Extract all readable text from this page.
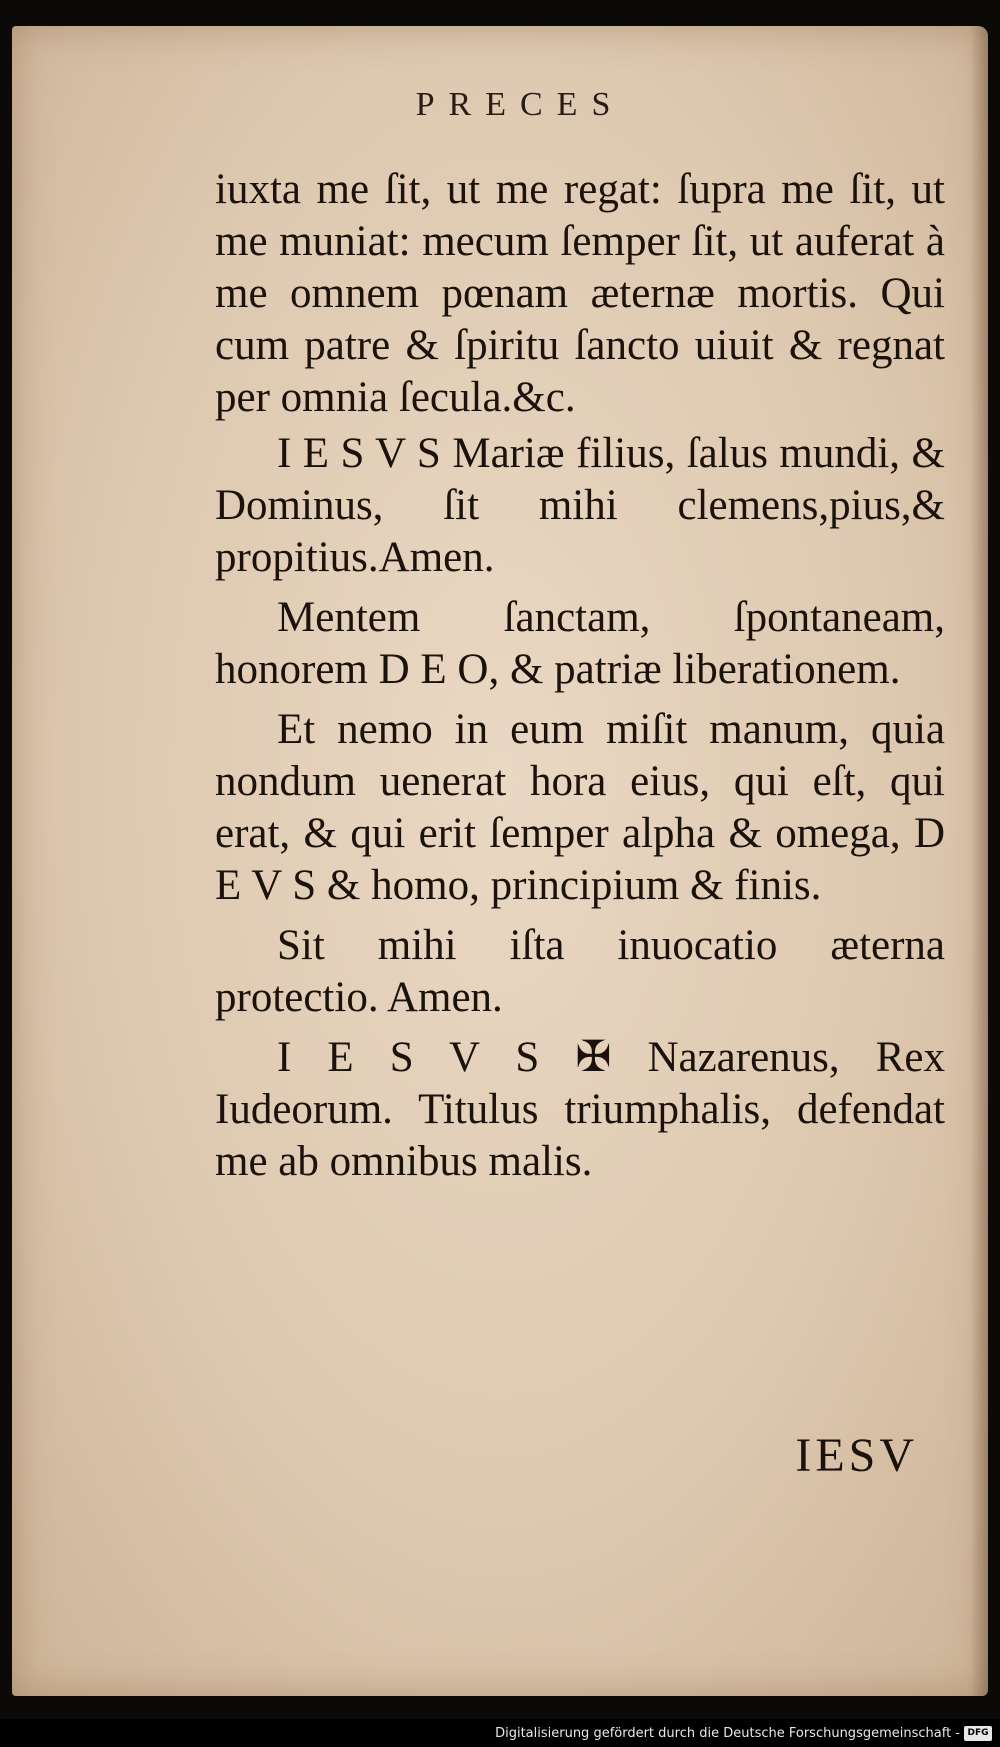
PRECES

iuxta me ſit, ut me regat: ſupra me ſit, ut me muniat: mecum ſemper ſit, ut auferat à me omnem pœnam æternæ mortis. Qui cum patre & ſpiritu ſancto uiuit & regnat per omnia ſecula.&c.

I E S V S Mariæ filius, ſalus mundi, & Dominus, ſit mihi clemens,pius,& propitius.Amen.

Mentem ſanctam, ſpontaneam, honorem D E O, & patriæ liberationem.

Et nemo in eum miſit manum, quia nondum uenerat hora eius, qui eſt, qui erat, & qui erit ſemper alpha & omega, D E V S & homo, principium & finis.

Sit mihi iſta inuocatio æterna protectio. Amen.

I E S V S ✠ Nazarenus, Rex Iudeorum. Titulus triumphalis, defendat me ab omnibus malis.

IESV
Digitalisierung gefördert durch die Deutsche Forschungsgemeinschaft - DFG
